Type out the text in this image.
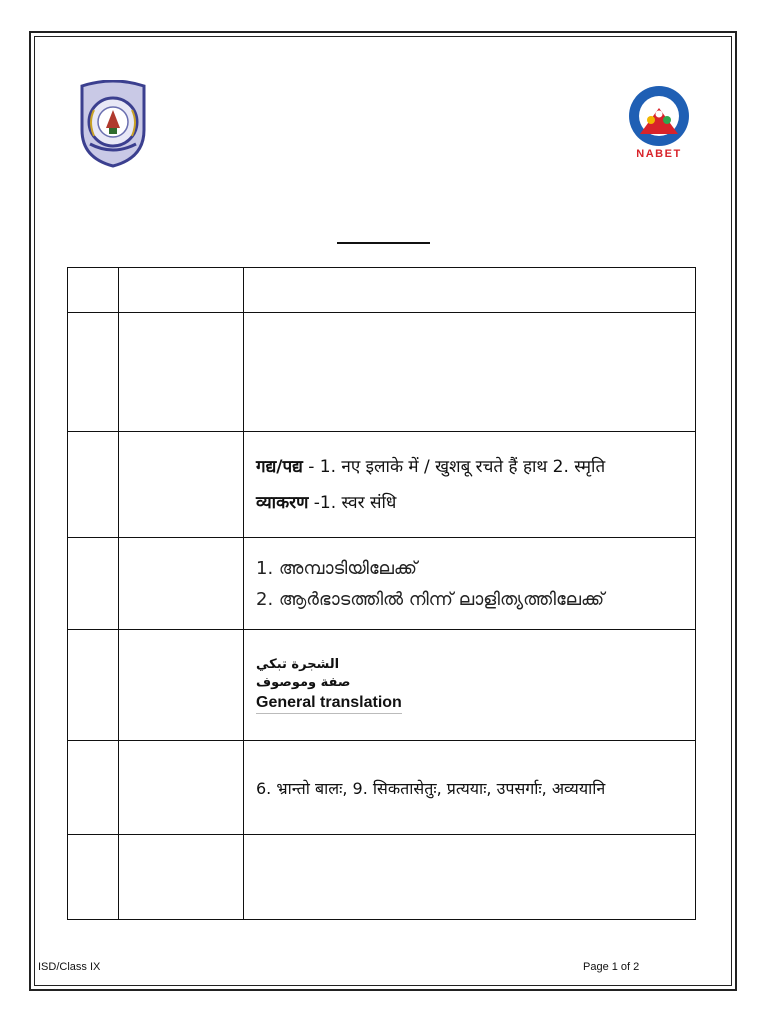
NABET

		गद्य/पद्य - 1. नए इलाके में / खुशबू रचते हैं हाथ 2. स्मृति
व्याकरण -1. स्वर संधि

		1. അമ്പാടിയിലേക്ക്
2. ആർഭാടത്തിൽ നിന്ന് ലാളിത്യത്തിലേക്ക്

		الشجرة تبكي
صفة وموصوف
General translation

		6. भ्रान्तो बालः, 9. सिकतासेतुः, प्रत्ययाः, उपसर्गाः, अव्ययानि

ISD/Class IX	Page 1 of 2
